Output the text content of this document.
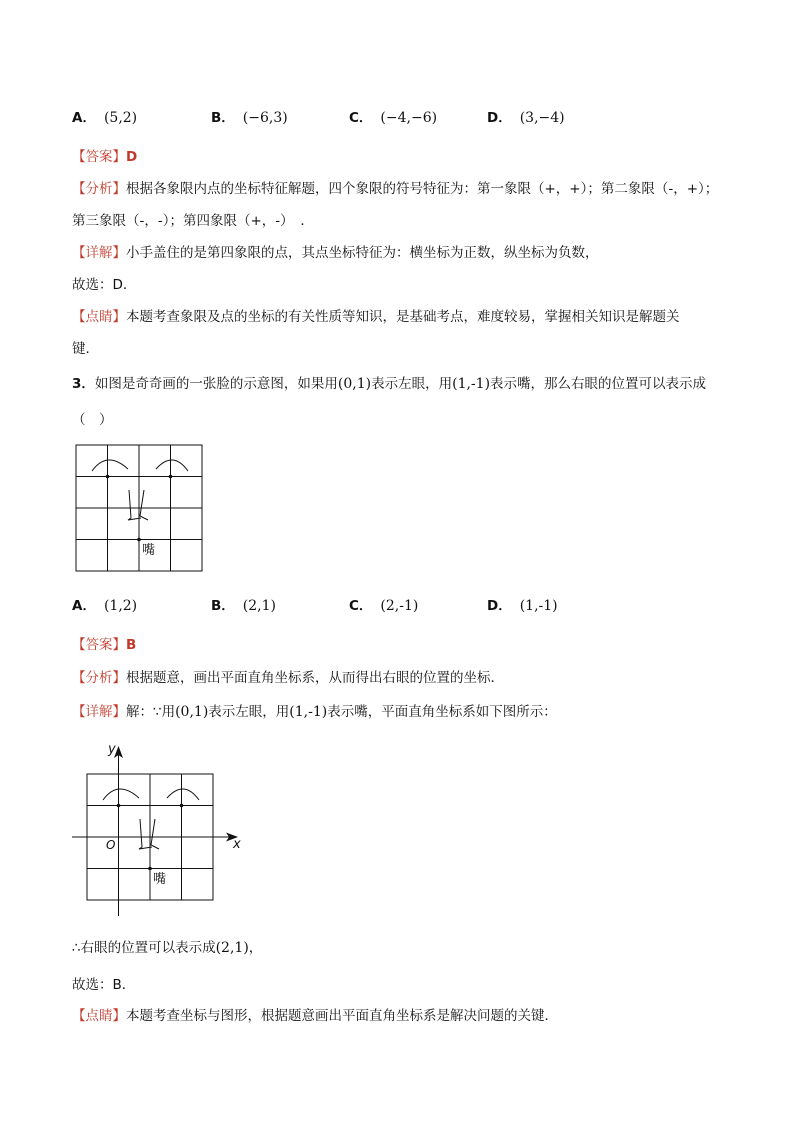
A． (5,2)	B． (−6,3)	C． (−4,−6)	D． (3,−4)
【答案】D
【分析】根据各象限内点的坐标特征解题，四个象限的符号特征为：第一象限（+，+）；第二象限（-，+）；
第三象限（-，-）；第四象限（+，-）　．
【详解】小手盖住的是第四象限的点，其点坐标特征为：横坐标为正数，纵坐标为负数，
故选：D．
【点睛】本题考查象限及点的坐标的有关性质等知识，是基础考点，难度较易，掌握相关知识是解题关
键．
3．如图是奇奇画的一张脸的示意图，如果用(0,1)表示左眼，用(1,-1)表示嘴，那么右眼的位置可以表示成
（　）
嘴
A． (1,2)	B． (2,1)	C． (2,-1)	D． (1,-1)
【答案】B
【分析】根据题意，画出平面直角坐标系，从而得出右眼的位置的坐标．
【详解】解：∵用(0,1)表示左眼，用(1,-1)表示嘴，平面直角坐标系如下图所示：
y
x
O
嘴
∴右眼的位置可以表示成(2,1)，
故选：B．
【点睛】本题考查坐标与图形，根据题意画出平面直角坐标系是解决问题的关键．
